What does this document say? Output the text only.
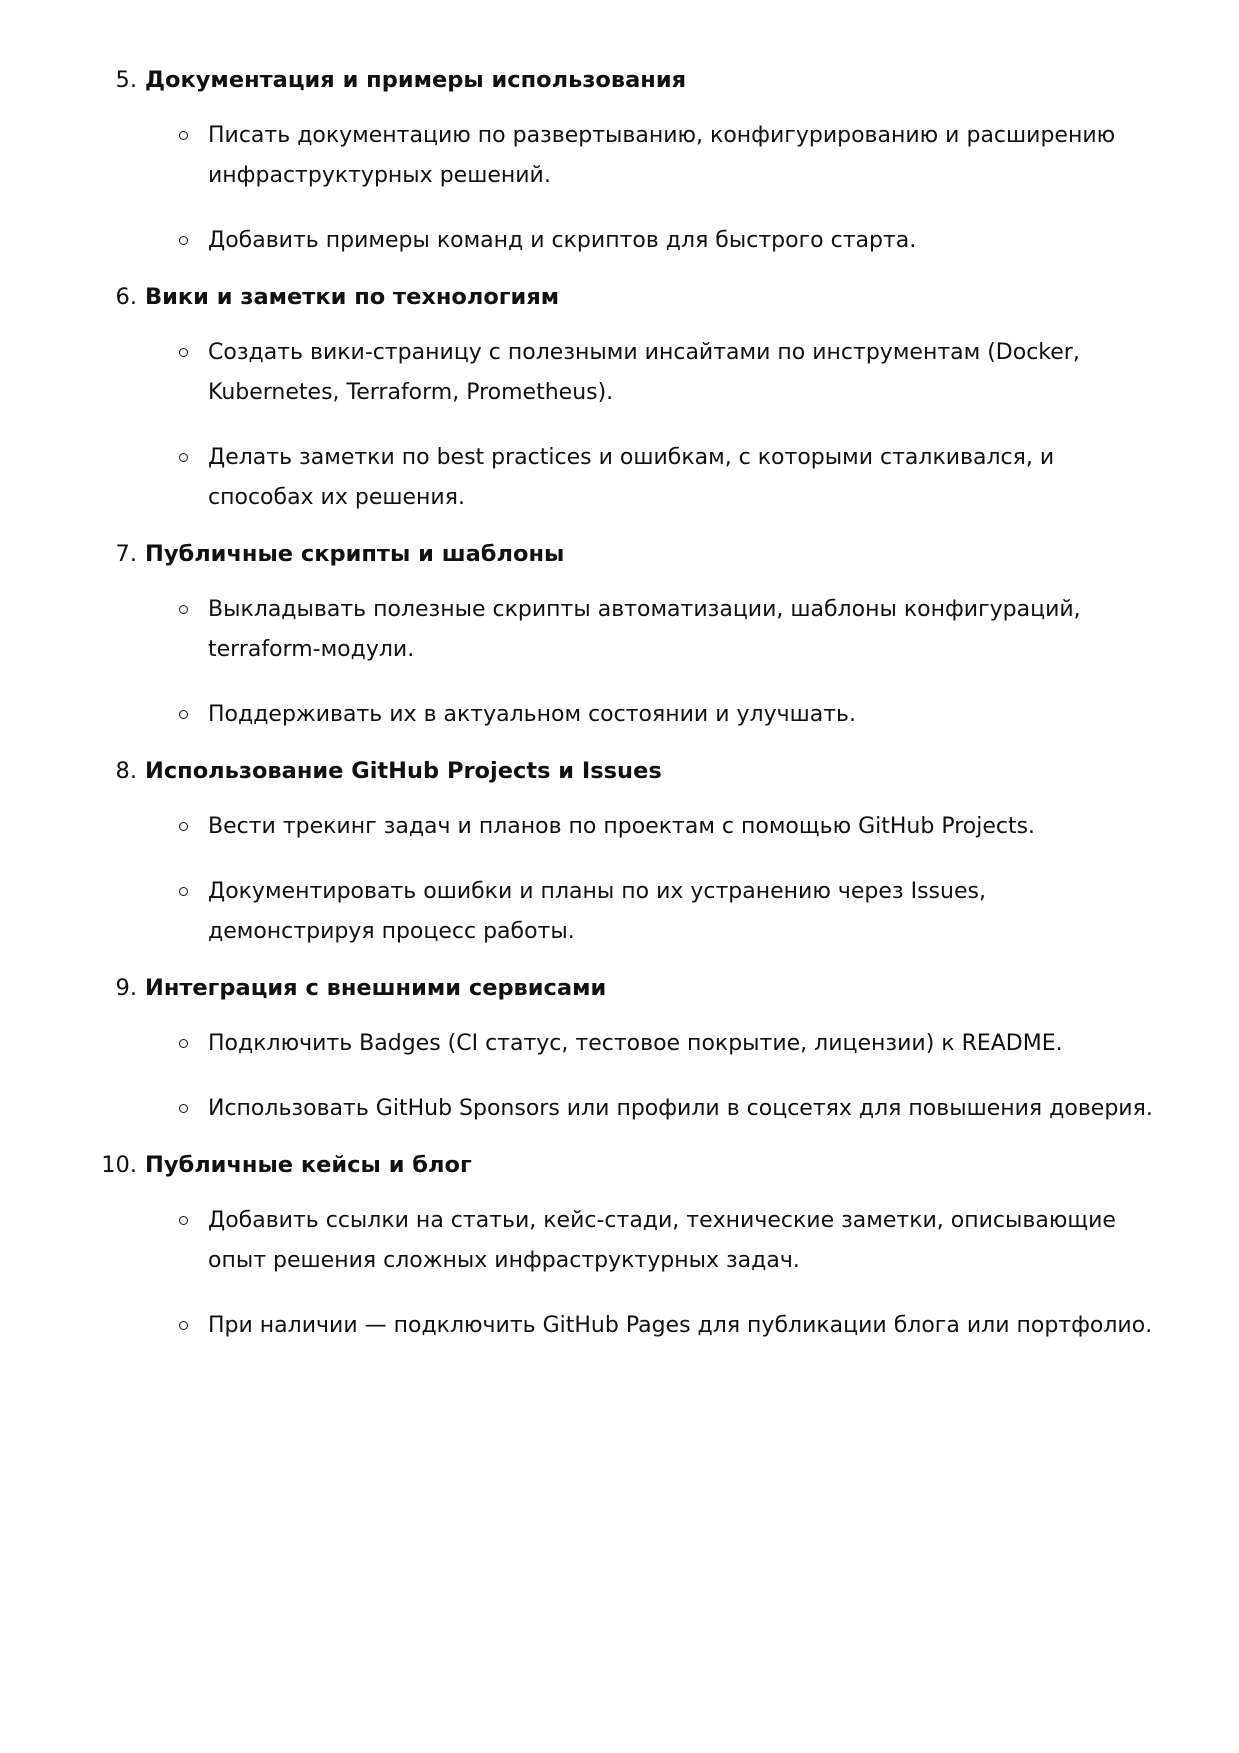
5. Документация и примеры использования
Писать документацию по развертыванию, конфигурированию и расширению инфраструктурных решений.
Добавить примеры команд и скриптов для быстрого старта.
6. Вики и заметки по технологиям
Создать вики-страницу с полезными инсайтами по инструментам (Docker, Kubernetes, Terraform, Prometheus).
Делать заметки по best practices и ошибкам, с которыми сталкивался, и способах их решения.
7. Публичные скрипты и шаблоны
Выкладывать полезные скрипты автоматизации, шаблоны конфигураций, terraform-модули.
Поддерживать их в актуальном состоянии и улучшать.
8. Использование GitHub Projects и Issues
Вести трекинг задач и планов по проектам с помощью GitHub Projects.
Документировать ошибки и планы по их устранению через Issues, демонстрируя процесс работы.
9. Интеграция с внешними сервисами
Подключить Badges (CI статус, тестовое покрытие, лицензии) к README.
Использовать GitHub Sponsors или профили в соцсетях для повышения доверия.
10. Публичные кейсы и блог
Добавить ссылки на статьи, кейс-стади, технические заметки, описывающие опыт решения сложных инфраструктурных задач.
При наличии — подключить GitHub Pages для публикации блога или портфолио.
